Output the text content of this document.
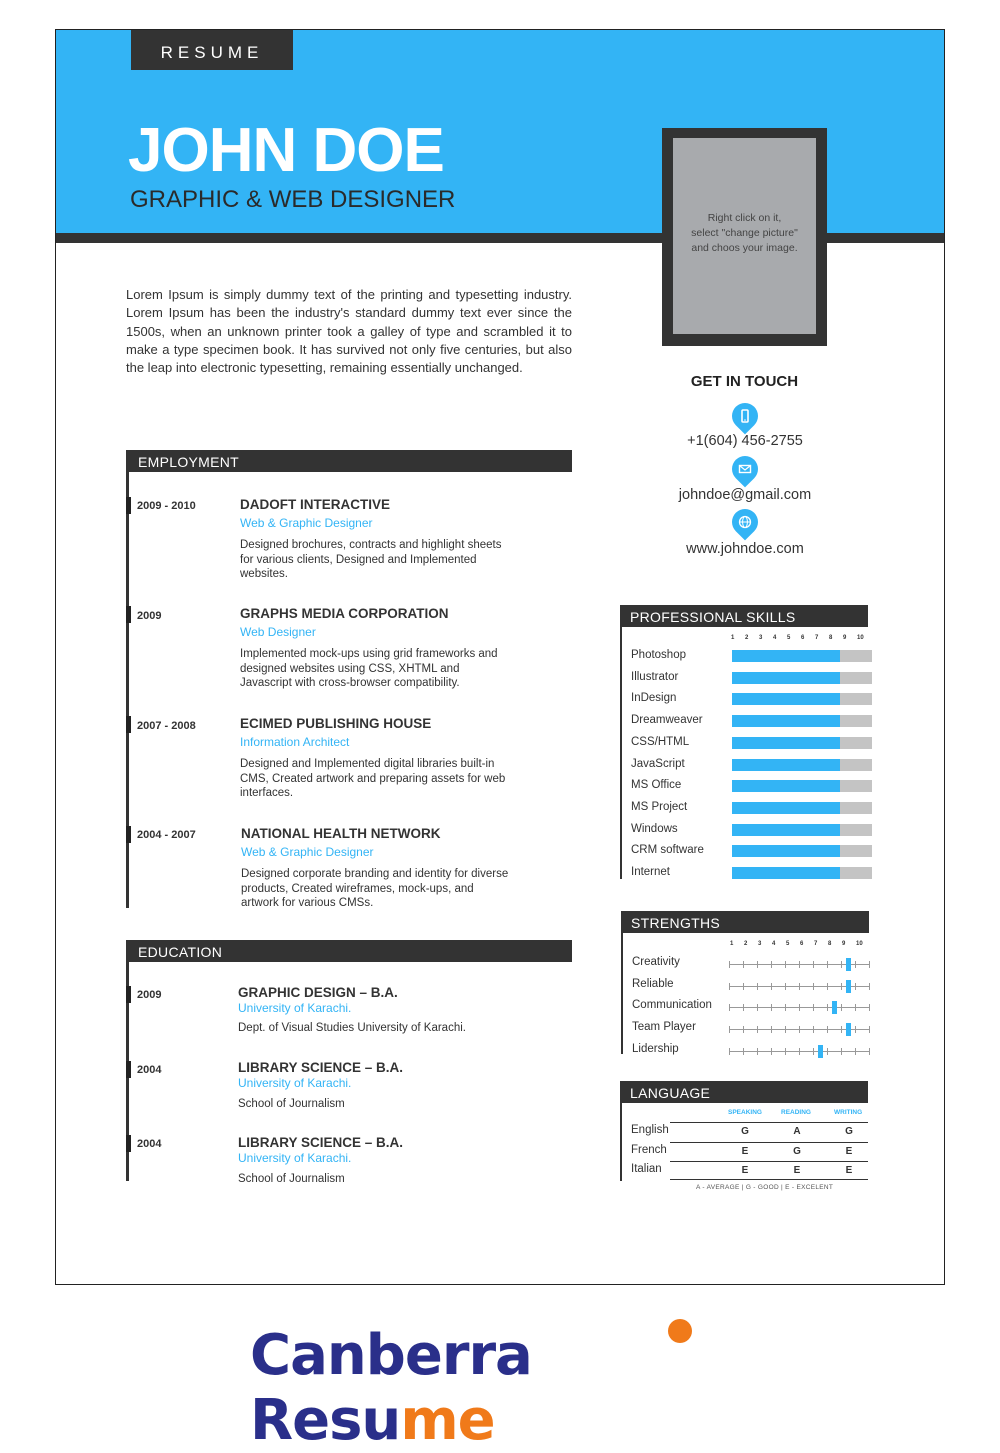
RESUME
JOHN DOE
GRAPHIC & WEB DESIGNER
Right click on it,
select "change picture"
and choos your image.

Lorem Ipsum is simply dummy text of the printing and typesetting industry. Lorem Ipsum has been the industry's standard dummy text ever since the 1500s, when an unknown printer took a galley of type and scrambled it to make a type specimen book. It has survived not only five centuries, but also the leap into electronic typesetting, remaining essentially unchanged.

EMPLOYMENT
2009 - 2010	DADOFT INTERACTIVE
Web & Graphic Designer
Designed brochures, contracts and highlight sheets for various clients, Designed and Implemented websites.
2009	GRAPHS MEDIA CORPORATION
Web Designer
Implemented mock-ups using grid frameworks and designed websites using CSS, XHTML and Javascript with cross-browser compatibility.
2007 - 2008	ECIMED PUBLISHING HOUSE
Information Architect
Designed and Implemented digital libraries built-in CMS, Created artwork and preparing assets for web interfaces.
2004 - 2007	NATIONAL HEALTH NETWORK
Web & Graphic Designer
Designed corporate branding and identity for diverse products, Created wireframes, mock-ups, and artwork for various CMSs.
EDUCATION
2009	GRAPHIC DESIGN – B.A.
University of Karachi.
Dept. of Visual Studies University of Karachi.
2004	LIBRARY SCIENCE – B.A.
University of Karachi.
School of Journalism
2004	LIBRARY SCIENCE – B.A.
University of Karachi.
School of Journalism
GET IN TOUCH
+1(604) 456-2755
johndoe@gmail.com
www.johndoe.com
PROFESSIONAL SKILLS
1 2 3 4 5 6 7 8 9 10
Photoshop
Illustrator
InDesign
Dreamweaver
CSS/HTML
JavaScript
MS Office
MS Project
Windows
CRM software
Internet
STRENGTHS
1 2 3 4 5 6 7 8 9 10
Creativity
Reliable
Communication
Team Player
Lidership
LANGUAGE
SPEAKING	READING	WRITING
English	G	A	G
French	E	G	E
Italian	E	E	E
A - AVERAGE | G - GOOD | E - EXCELENT
Canberra Resume
